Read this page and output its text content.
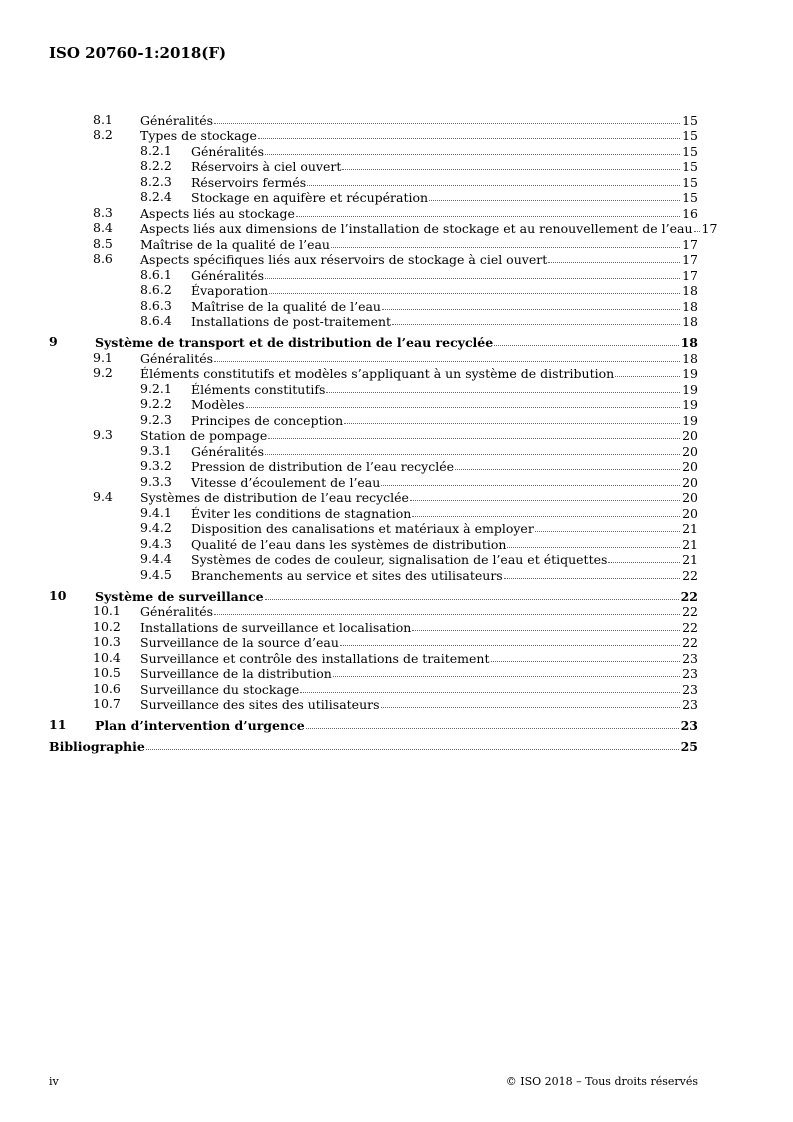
ISO 20760-1:2018(F)
8.1 Généralités	15
8.2 Types de stockage	15
8.2.1 Généralités	15
8.2.2 Réservoirs à ciel ouvert	15
8.2.3 Réservoirs fermés	15
8.2.4 Stockage en aquifère et récupération	15
8.3 Aspects liés au stockage	16
8.4 Aspects liés aux dimensions de l’installation de stockage et au renouvellement de l’eau 17
8.5 Maîtrise de la qualité de l’eau	17
8.6 Aspects spécifiques liés aux réservoirs de stockage à ciel ouvert	17
8.6.1 Généralités	17
8.6.2 Évaporation	18
8.6.3 Maîtrise de la qualité de l’eau	18
8.6.4 Installations de post-traitement	18
9	Système de transport et de distribution de l’eau recyclée	18
9.1 Généralités	18
9.2 Éléments constitutifs et modèles s’appliquant à un système de distribution	19
9.2.1 Éléments constitutifs	19
9.2.2 Modèles	19
9.2.3 Principes de conception	19
9.3 Station de pompage	20
9.3.1 Généralités	20
9.3.2 Pression de distribution de l’eau recyclée	20
9.3.3 Vitesse d’écoulement de l’eau	20
9.4 Systèmes de distribution de l’eau recyclée	20
9.4.1 Éviter les conditions de stagnation	20
9.4.2 Disposition des canalisations et matériaux à employer	21
9.4.3 Qualité de l’eau dans les systèmes de distribution	21
9.4.4 Systèmes de codes de couleur, signalisation de l’eau et étiquettes	21
9.4.5 Branchements au service et sites des utilisateurs	22
10 Système de surveillance	22
10.1 Généralités	22
10.2 Installations de surveillance et localisation	22
10.3 Surveillance de la source d’eau	22
10.4 Surveillance et contrôle des installations de traitement	23
10.5 Surveillance de la distribution	23
10.6 Surveillance du stockage	23
10.7 Surveillance des sites des utilisateurs	23
11 Plan d’intervention d’urgence	23
Bibliographie	25
iv	© ISO 2018 – Tous droits réservés
